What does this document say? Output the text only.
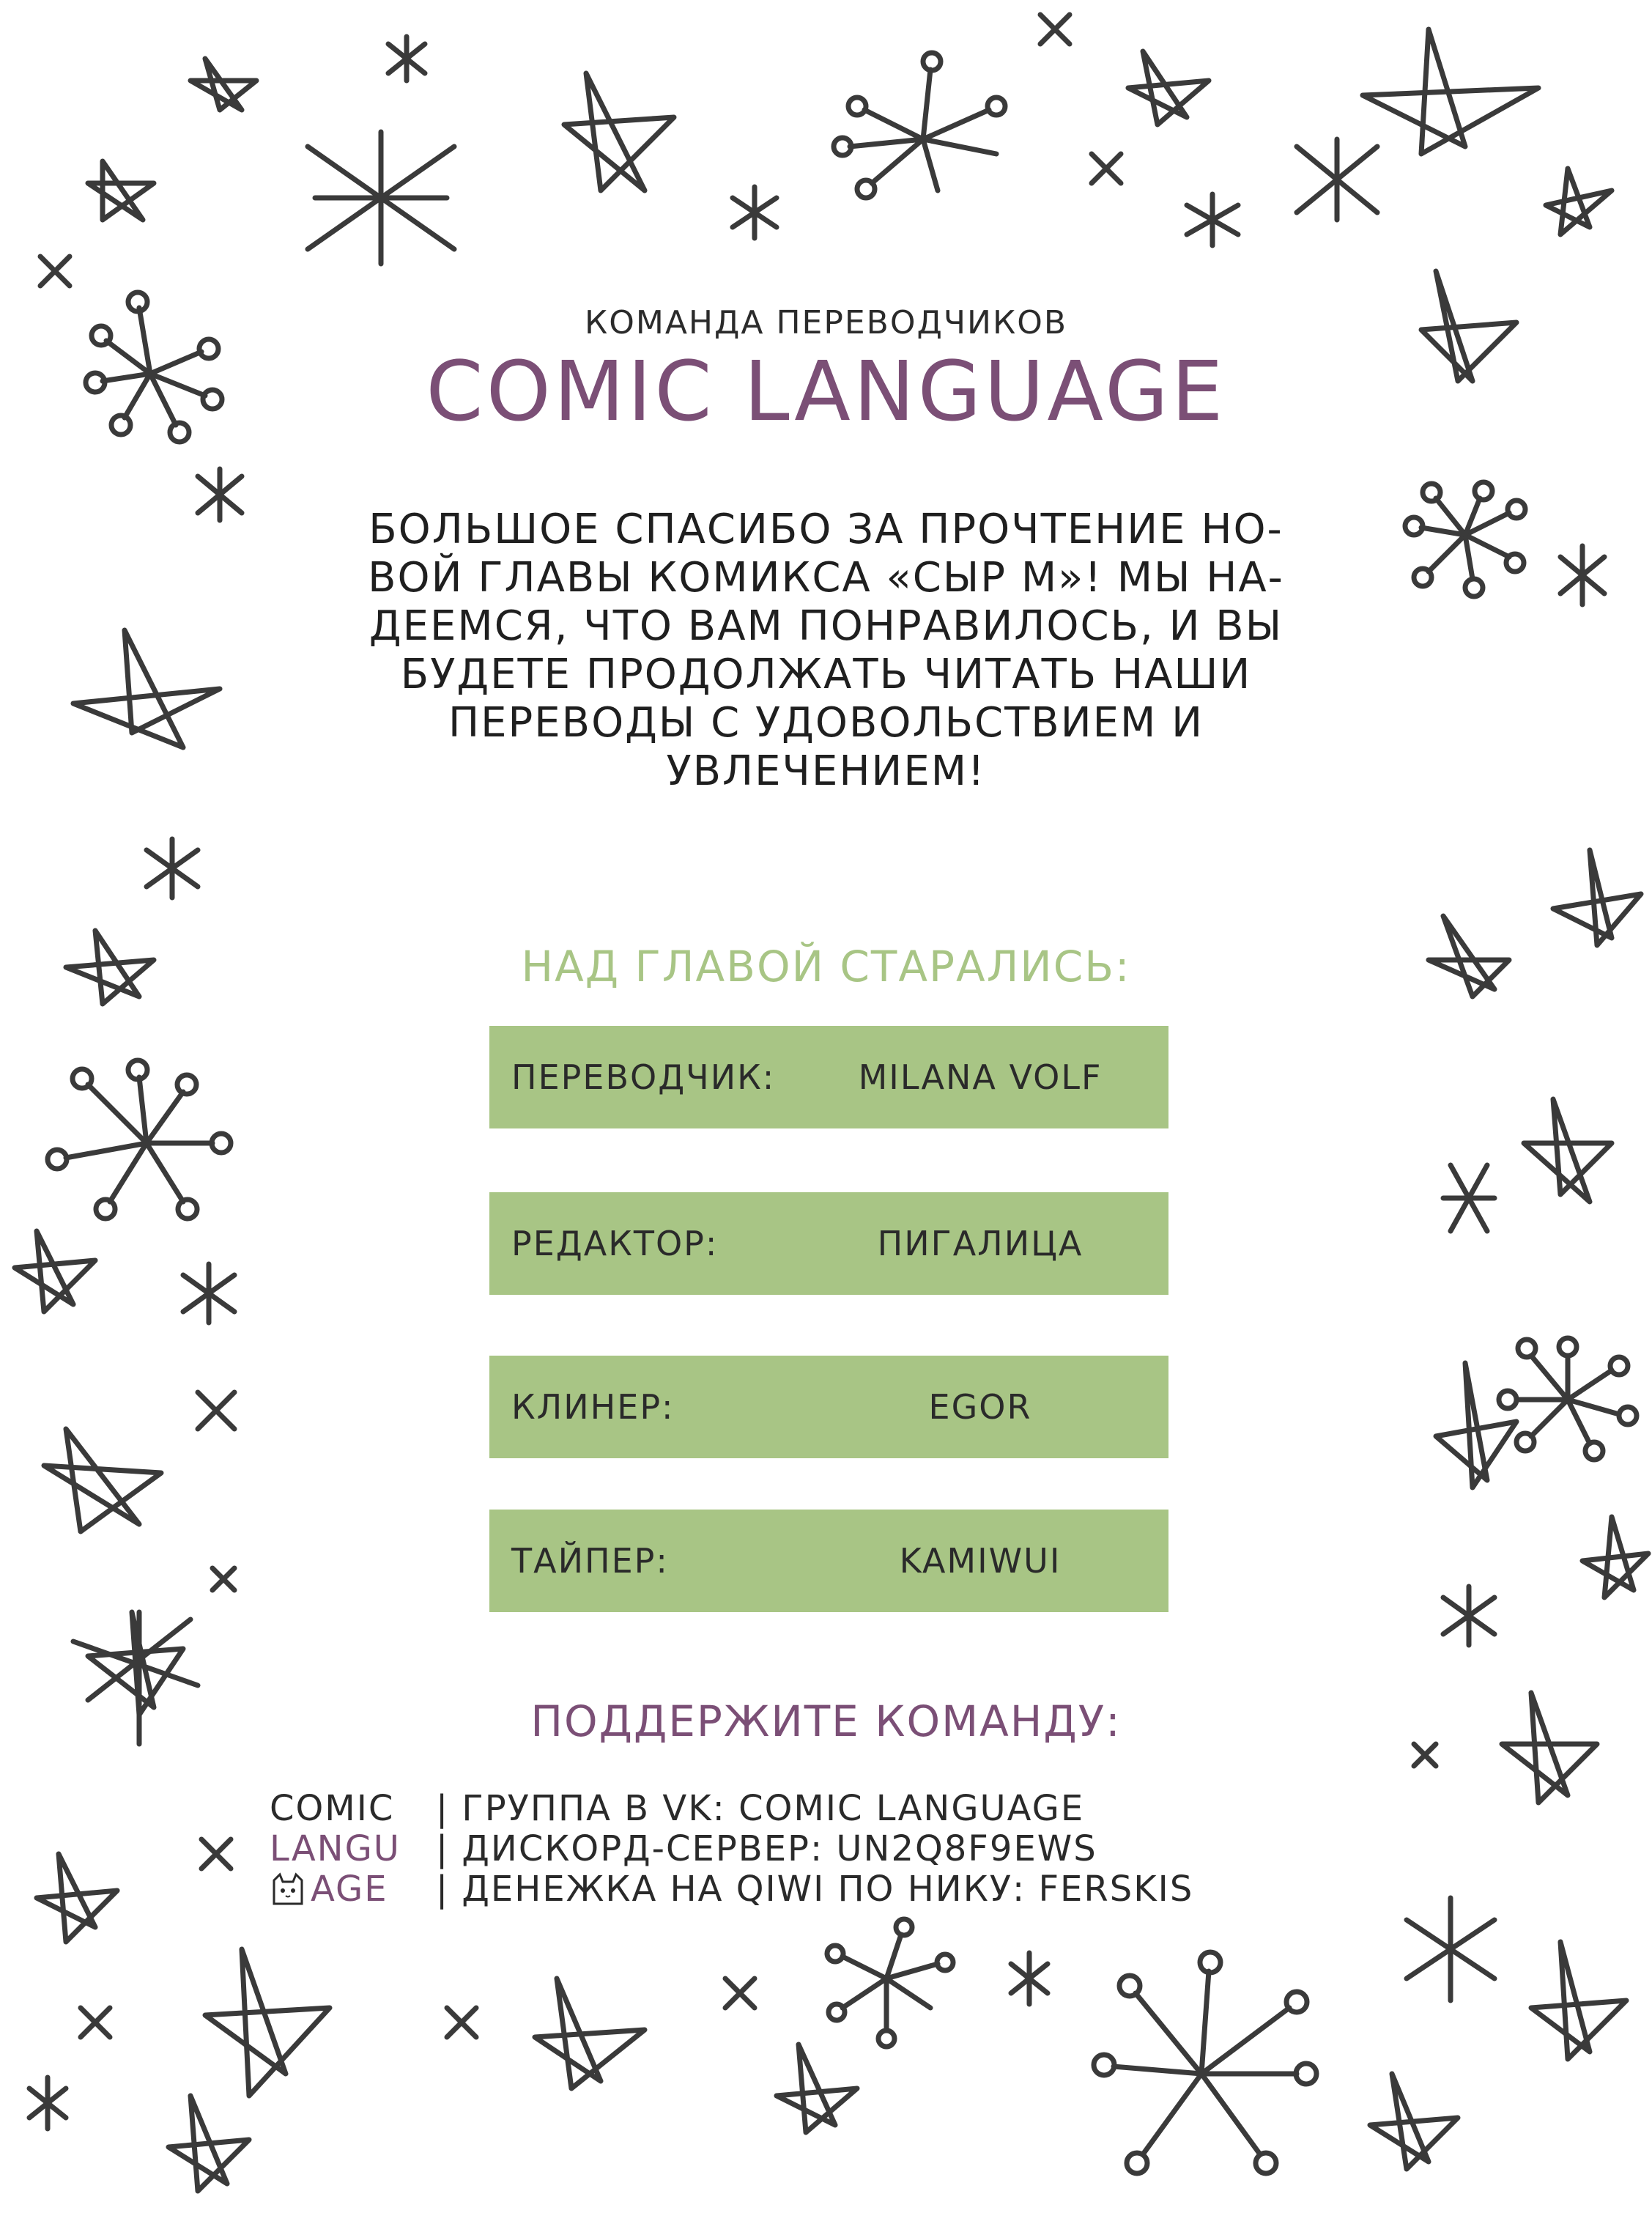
КОМАНДА ПЕРЕВОДЧИКОВ
COMIC LANGUAGE
БОЛЬШОЕ СПАСИБО ЗА ПРОЧТЕНИЕ НО-
ВОЙ ГЛАВЫ КОМИКСА «СЫР М»! МЫ НА-
ДЕЕМСЯ, ЧТО ВАМ ПОНРАВИЛОСЬ, И ВЫ
БУДЕТЕ ПРОДОЛЖАТЬ ЧИТАТЬ НАШИ
ПЕРЕВОДЫ С УДОВОЛЬСТВИЕМ И
УВЛЕЧЕНИЕМ!
НАД ГЛАВОЙ СТАРАЛИСЬ:
ПЕРЕВОДЧИК:	MILANA VOLF
РЕДАКТОР:	ПИГАЛИЦА
КЛИНЕР:	EGOR
ТАЙПЕР:	KAMIWUI
ПОДДЕРЖИТЕ КОМАНДУ:
COMIC
LANGU
AGE
| ГРУППА В VK: COMIC LANGUAGE
| ДИСКОРД-СЕРВЕР: UN2Q8F9EWS
| ДЕНЕЖКА НА QIWI ПО НИКУ: FERSKIS
